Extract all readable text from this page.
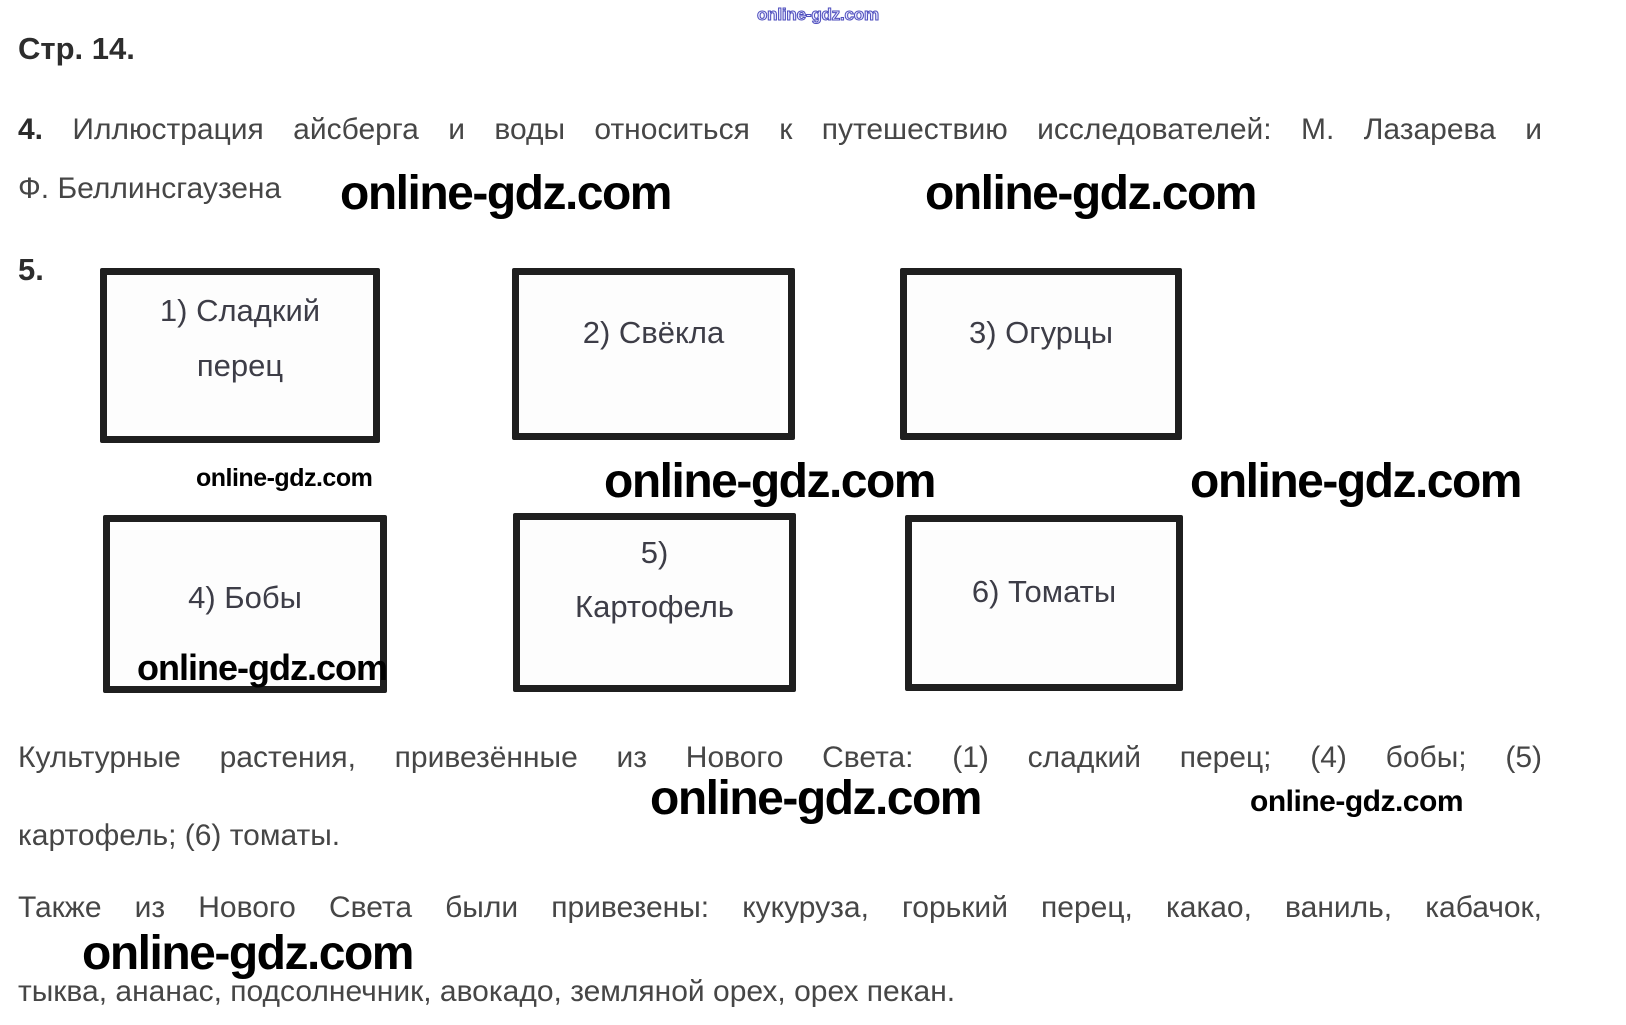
online-gdz.com
Стр. 14.
4. Иллюстрация айсберга и воды относиться к путешествию исследователей: М. Лазарева и
Ф. Беллинсгаузена	online-gdz.com	online-gdz.com
5.
1) Сладкий
перец
2) Свёкла	3) Огурцы
4) Бобы
5)
Картофель	6) Томаты
online-gdz.com	online-gdz.com	online-gdz.com
online-gdz.com
Культурные растения, привезённые из Нового Света: (1) сладкий перец; (4) бобы; (5)
картофель; (6) томаты.
online-gdz.com	online-gdz.com
Также из Нового Света были привезены: кукуруза, горький перец, какао, ваниль, кабачок,
тыква, ананас, подсолнечник, авокадо, земляной орех, орех пекан.
online-gdz.com
